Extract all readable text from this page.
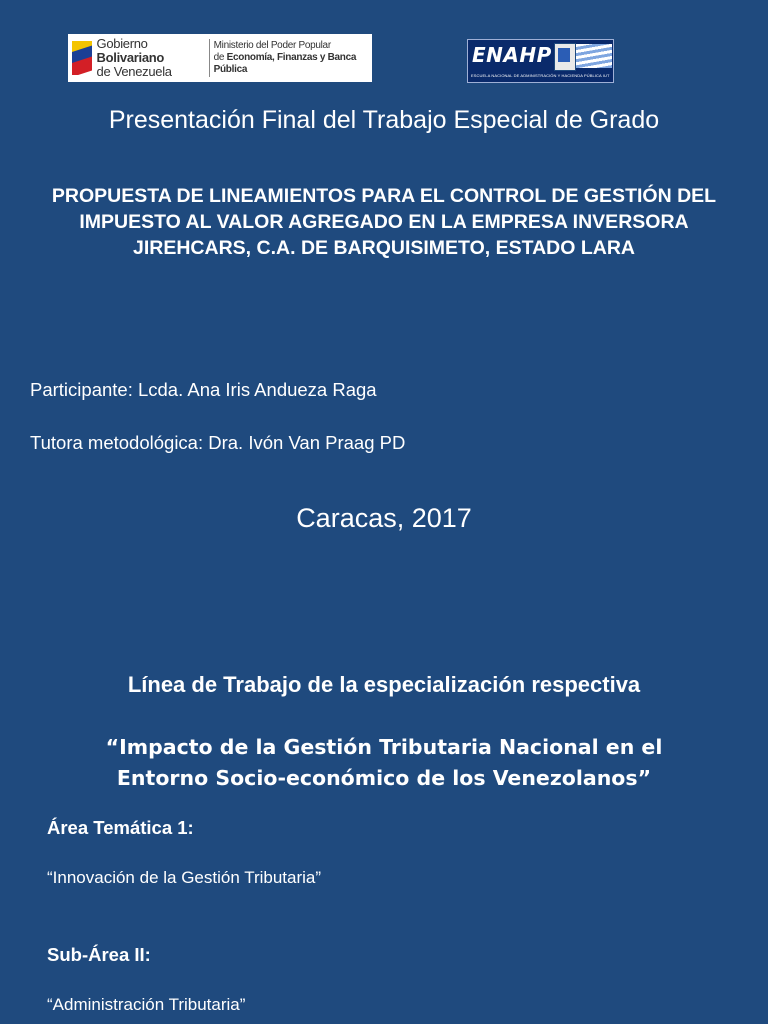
Gobierno Bolivariano
de Venezuela
Ministerio del Poder Popular
de Economía, Finanzas y Banca Pública
ENAHP
ESCUELA NACIONAL DE ADMINISTRACIÓN Y HACIENDA PÚBLICA IUT
Presentación Final del Trabajo Especial de Grado
PROPUESTA DE LINEAMIENTOS PARA EL CONTROL DE GESTIÓN DEL IMPUESTO AL VALOR AGREGADO EN LA EMPRESA INVERSORA JIREHCARS, C.A. DE BARQUISIMETO, ESTADO LARA
Participante: Lcda. Ana Iris Andueza Raga
Tutora metodológica: Dra. Ivón Van Praag PD
Caracas, 2017
Línea de Trabajo de la especialización respectiva
“Impacto de la Gestión Tributaria Nacional en el Entorno Socio-económico de los Venezolanos”
Área Temática 1:
“Innovación de la Gestión Tributaria”
Sub-Área II:
“Administración Tributaria”
